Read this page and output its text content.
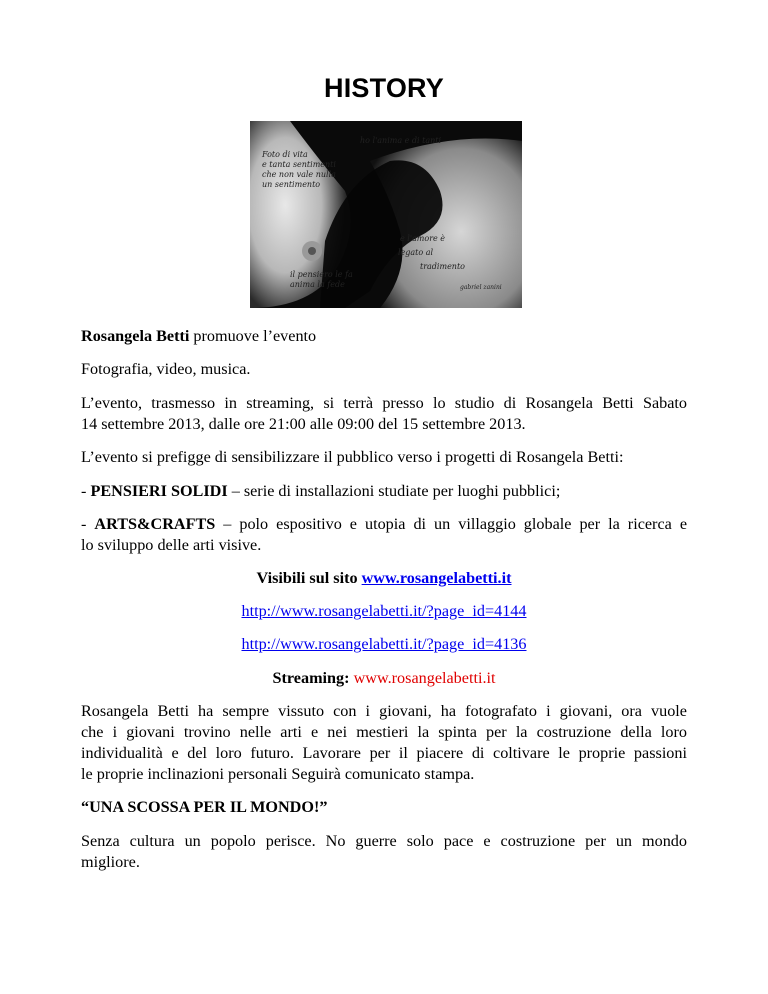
HISTORY
Foto di vita
e tanta sentimenti
che non vale nulla
un sentimento
il pensiero le fa
anima la fede
ho l'anima e di tanti
e l'amore è
legato al
tradimento
gabriel zanini
Rosangela Betti promuove l’evento
Fotografia, video, musica.
L’evento, trasmesso in streaming, si terrà presso lo studio di Rosangela Betti Sabato
14 settembre 2013, dalle ore 21:00 alle 09:00 del 15 settembre 2013.
L’evento si prefigge di sensibilizzare il pubblico verso i progetti di Rosangela Betti:
- PENSIERI SOLIDI – serie di installazioni studiate per luoghi pubblici;
- ARTS&CRAFTS – polo espositivo e utopia di un villaggio globale per la ricerca e
lo sviluppo delle arti visive.
Visibili sul sito www.rosangelabetti.it
http://www.rosangelabetti.it/?page_id=4144
http://www.rosangelabetti.it/?page_id=4136
Streaming: www.rosangelabetti.it
Rosangela Betti ha sempre vissuto con i giovani, ha fotografato i giovani, ora vuole
che i giovani trovino nelle arti e nei mestieri la spinta per la costruzione della loro
individualità e del loro futuro. Lavorare per il piacere di coltivare le proprie passioni
le proprie inclinazioni personali Seguirà comunicato stampa.
“UNA SCOSSA PER IL MONDO!”
Senza cultura un popolo perisce. No guerre solo pace e costruzione per un mondo
migliore.
